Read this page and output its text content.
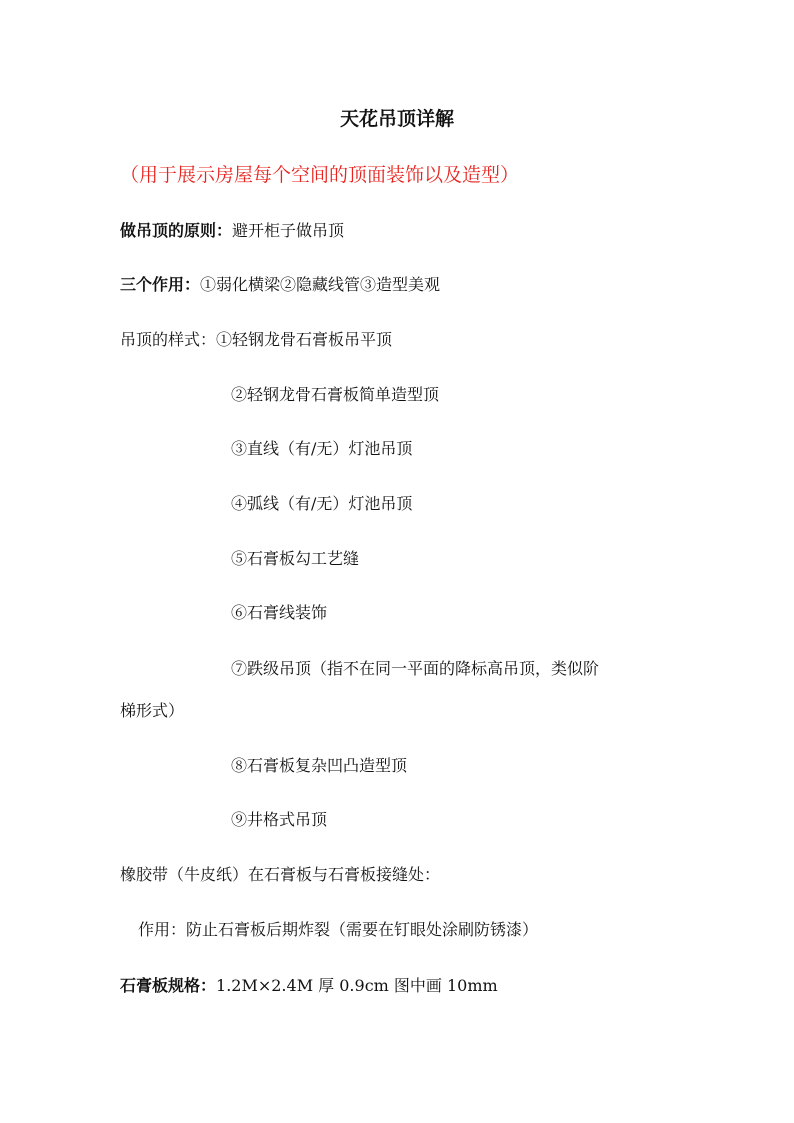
天花吊顶详解

（用于展示房屋每个空间的顶面装饰以及造型）

做吊顶的原则：避开柜子做吊顶

三个作用：①弱化横梁②隐藏线管③造型美观

吊顶的样式：①轻钢龙骨石膏板吊平顶

②轻钢龙骨石膏板简单造型顶

③直线（有/无）灯池吊顶

④弧线（有/无）灯池吊顶

⑤石膏板勾工艺缝

⑥石膏线装饰

⑦跌级吊顶（指不在同一平面的降标高吊顶，类似阶

梯形式）

⑧石膏板复杂凹凸造型顶

⑨井格式吊顶

橡胶带（牛皮纸）在石膏板与石膏板接缝处：

作用：防止石膏板后期炸裂（需要在钉眼处涂刷防锈漆）

石膏板规格：1.2M×2.4M 厚 0.9cm 图中画 10mm
